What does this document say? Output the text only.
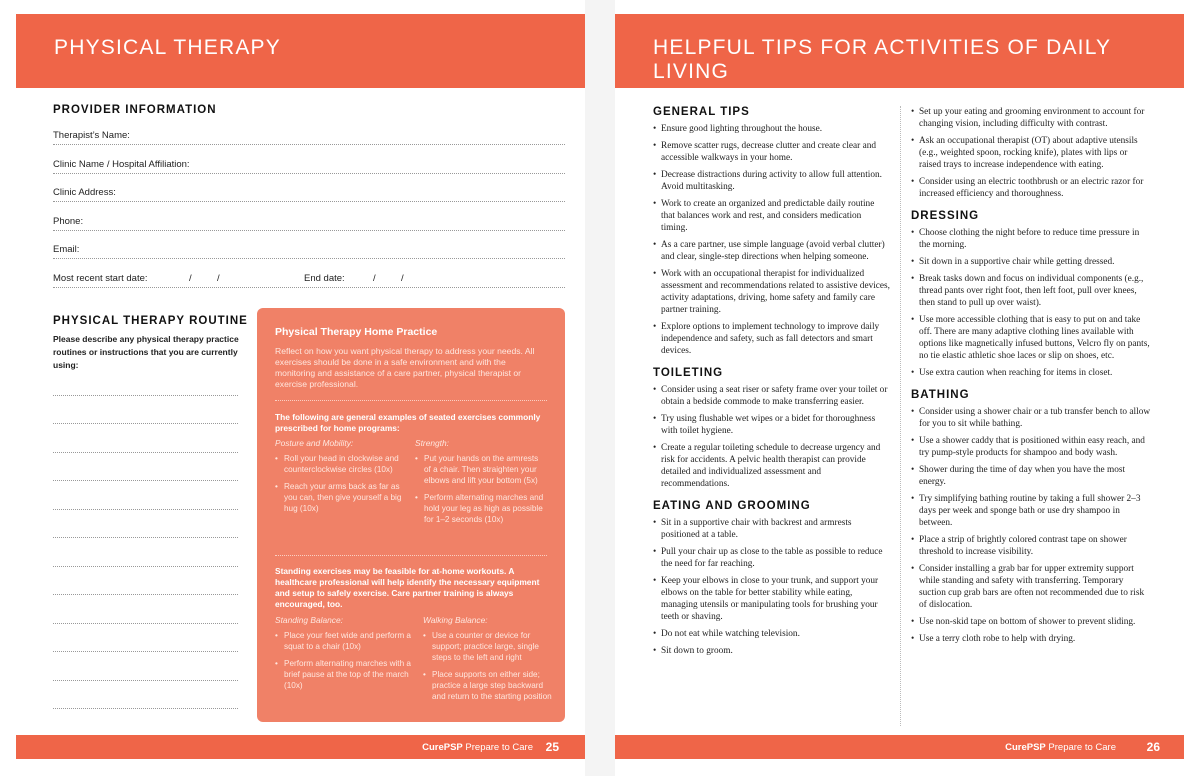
PHYSICAL THERAPY
PROVIDER INFORMATION
Therapist’s Name:
Clinic Name / Hospital Affiliation:
Clinic Address:
Phone:
Email:
Most recent start date:	/	/	End date:	/	/
PHYSICAL THERAPY ROUTINE
Please describe any physical therapy practice routines or instructions that you are currently using:
Physical Therapy Home Practice
Reflect on how you want physical therapy to address your needs. All exercises should be done in a safe environment and with the monitoring and assistance of a care partner, physical therapist or exercise professional.
The following are general examples of seated exercises commonly prescribed for home programs:
Posture and Mobility:
• Roll your head in clockwise and counterclockwise circles (10x)
• Reach your arms back as far as you can, then give yourself a big hug (10x)
Strength:
• Put your hands on the armrests of a chair. Then straighten your elbows and lift your bottom (5x)
• Perform alternating marches and hold your leg as high as possible for 1–2 seconds (10x)
Standing exercises may be feasible for at-home workouts. A healthcare professional will help identify the necessary equipment and setup to safely exercise. Care partner training is always encouraged, too.
Standing Balance:
• Place your feet wide and perform a squat to a chair (10x)
• Perform alternating marches with a brief pause at the top of the march (10x)
Walking Balance:
• Use a counter or device for support; practice large, single steps to the left and right
• Place supports on either side; practice a large step backward and return to the starting position
CurePSP Prepare to Care 25
HELPFUL TIPS FOR ACTIVITIES OF DAILY LIVING
GENERAL TIPS
• Ensure good lighting throughout the house.
• Remove scatter rugs, decrease clutter and create clear and accessible walkways in your home.
• Decrease distractions during activity to allow full attention. Avoid multitasking.
• Work to create an organized and predictable daily routine that balances work and rest, and considers medication timing.
• As a care partner, use simple language (avoid verbal clutter) and clear, single-step directions when helping someone.
• Work with an occupational therapist for individualized assessment and recommendations related to assistive devices, activity adaptations, driving, home safety and family care partner training.
• Explore options to implement technology to improve daily independence and safety, such as fall detectors and smart devices.
TOILETING
• Consider using a seat riser or safety frame over your toilet or obtain a bedside commode to make transferring easier.
• Try using flushable wet wipes or a bidet for thoroughness with toilet hygiene.
• Create a regular toileting schedule to decrease urgency and risk for accidents. A pelvic health therapist can provide detailed and individualized assessment and recommendations.
EATING AND GROOMING
• Sit in a supportive chair with backrest and armrests positioned at a table.
• Pull your chair up as close to the table as possible to reduce the need for far reaching.
• Keep your elbows in close to your trunk, and support your elbows on the table for better stability while eating, managing utensils or manipulating tools for brushing your teeth or shaving.
• Do not eat while watching television.
• Sit down to groom.
• Set up your eating and grooming environment to account for changing vision, including difficulty with contrast.
• Ask an occupational therapist (OT) about adaptive utensils (e.g., weighted spoon, rocking knife), plates with lips or raised trays to increase independence with eating.
• Consider using an electric toothbrush or an electric razor for increased efficiency and thoroughness.
DRESSING
• Choose clothing the night before to reduce time pressure in the morning.
• Sit down in a supportive chair while getting dressed.
• Break tasks down and focus on individual components (e.g., thread pants over right foot, then left foot, pull over knees, then stand to pull up over waist).
• Use more accessible clothing that is easy to put on and take off. There are many adaptive clothing lines available with options like magnetically infused buttons, Velcro fly on pants, no tie elastic athletic shoe laces or slip on shoes, etc.
• Use extra caution when reaching for items in closet.
BATHING
• Consider using a shower chair or a tub transfer bench to allow for you to sit while bathing.
• Use a shower caddy that is positioned within easy reach, and try pump-style products for shampoo and body wash.
• Shower during the time of day when you have the most energy.
• Try simplifying bathing routine by taking a full shower 2–3 days per week and sponge bath or use dry shampoo in between.
• Place a strip of brightly colored contrast tape on shower threshold to increase visibility.
• Consider installing a grab bar for upper extremity support while standing and safety with transferring. Temporary suction cup grab bars are often not recommended due to risk of dislocation.
• Use non-skid tape on bottom of shower to prevent sliding.
• Use a terry cloth robe to help with drying.
CurePSP Prepare to Care	26
